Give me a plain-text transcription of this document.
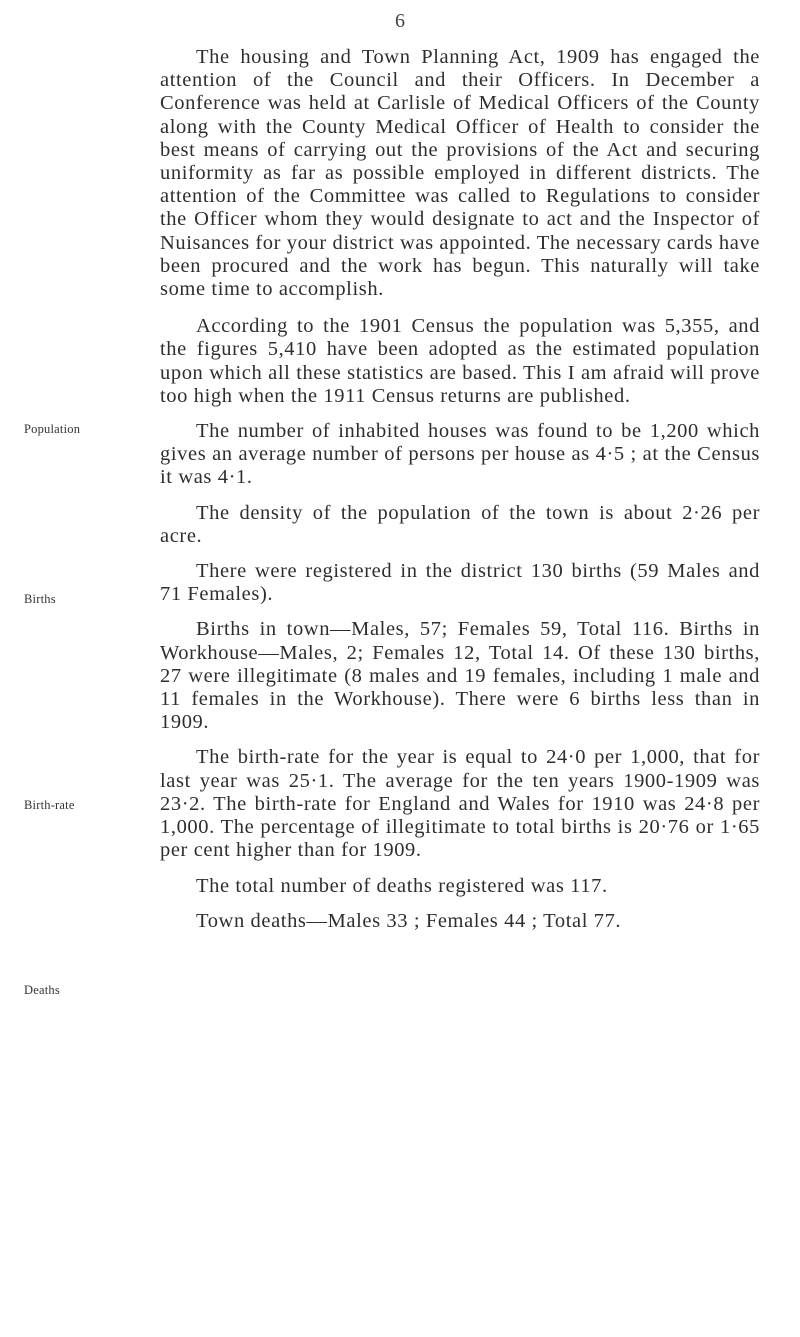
6
Population
Births
Birth-rate
Deaths

The housing and Town Planning Act, 1909 has engaged the attention of the Council and their Officers. In December a Conference was held at Carlisle of Medical Officers of the County along with the County Medical Officer of Health to consider the best means of carrying out the provisions of the Act and securing uniformity as far as possible employed in different districts. The attention of the Committee was called to Regulations to consider the Officer whom they would designate to act and the Inspector of Nuisances for your district was appointed. The necessary cards have been procured and the work has begun. This naturally will take some time to accomplish.

According to the 1901 Census the population was 5,355, and the figures 5,410 have been adopted as the estimated population upon which all these statistics are based. This I am afraid will prove too high when the 1911 Census returns are published.

The number of inhabited houses was found to be 1,200 which gives an average number of persons per house as 4·5 ; at the Census it was 4·1.

The density of the population of the town is about 2·26 per acre.

There were registered in the district 130 births (59 Males and 71 Females).

Births in town—Males, 57; Females 59, Total 116. Births in Workhouse—Males, 2; Females 12, Total 14. Of these 130 births, 27 were illegitimate (8 males and 19 females, including 1 male and 11 females in the Workhouse). There were 6 births less than in 1909.

The birth-rate for the year is equal to 24·0 per 1,000, that for last year was 25·1. The average for the ten years 1900-1909 was 23·2. The birth-rate for England and Wales for 1910 was 24·8 per 1,000. The percentage of illegitimate to total births is 20·76 or 1·65 per cent higher than for 1909.

The total number of deaths registered was 117.

Town deaths—Males 33 ; Females 44 ; Total 77.
